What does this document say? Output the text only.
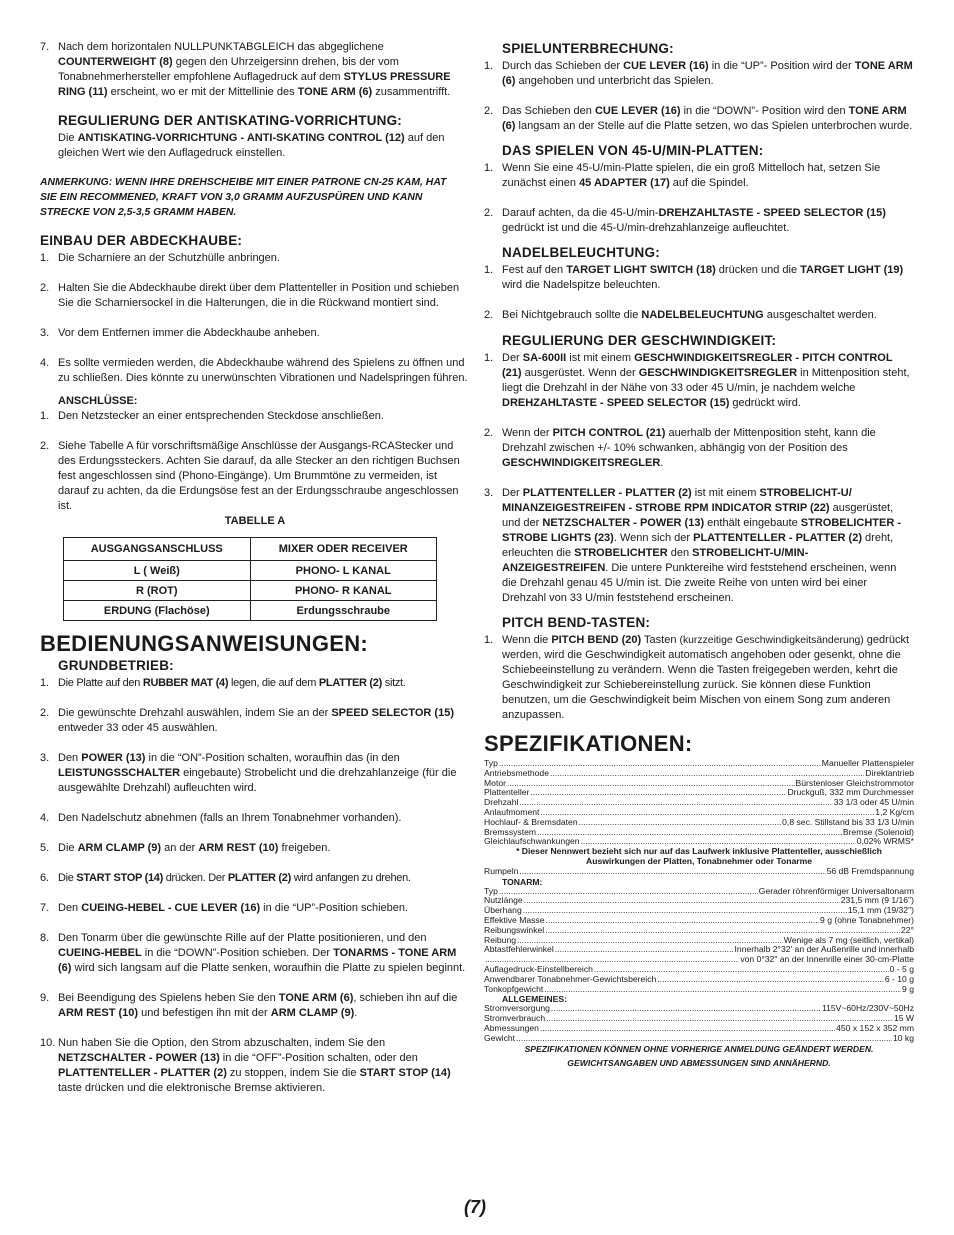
7. Nach dem horizontalen NULLPUNKTABGLEICH das abgeglichene COUNTERWEIGHT (8) gegen den Uhrzeigersinn drehen, bis der vom Tonabnehmerhersteller empfohlene Auflagedruck auf dem STYLUS PRESSURE RING (11) erscheint, wo er mit der Mittellinie des TONE ARM (6) zusammentrifft.
REGULIERUNG DER ANTISKATING-VORRICHTUNG:

Die ANTISKATING-VORRICHTUNG - ANTI-SKATING CONTROL (12) auf den gleichen Wert wie den Auflagedruck einstellen.

ANMERKUNG: WENN IHRE DREHSCHEIBE MIT EINER PATRONE CN-25 KAM, HAT SIE EIN RECOMMENED, KRAFT VON 3,0 GRAMM AUFZUSPÜREN UND KANN STRECKE VON 2,5-3,5 GRAMM HABEN.
EINBAU DER ABDECKHAUBE:
1. Die Scharniere an der Schutzhülle anbringen.
2. Halten Sie die Abdeckhaube direkt über dem Plattenteller in Position und schieben Sie die Scharniersockel in die Halterungen, die in die Rückwand montiert sind.
3. Vor dem Entfernen immer die Abdeckhaube anheben.
4. Es sollte vermieden werden, die Abdeckhaube während des Spielens zu öffnen und zu schließen. Dies könnte zu unerwünschten Vibrationen und Nadelspringen führen.

ANSCHLÜSSE:

1. Den Netzstecker an einer entsprechenden Steckdose anschließen.
2. Siehe Tabelle A für vorschriftsmäßige Anschlüsse der Ausgangs-RCAStecker und des Erdungssteckers. Achten Sie darauf, da alle Stecker an den richtigen Buchsen fest angeschlossen sind (Phono-Eingänge). Um Brummtöne zu vermeiden, ist darauf zu achten, da die Erdungsöse fest an der Erdungsschraube angeschlossen ist.

TABELLE A

AUSGANGSANSCHLUSS	MIXER ODER RECEIVER
L ( Weiß)	PHONO- L KANAL
R (ROT)	PHONO- R KANAL
ERDUNG (Flachöse)	Erdungsschraube
BEDIENUNGSANWEISUNGEN:
GRUNDBETRIEB:
1. Die Platte auf den RUBBER MAT (4) legen, die auf dem PLATTER (2) sitzt.
2. Die gewünschte Drehzahl auswählen, indem Sie an der SPEED SELECTOR (15) entweder 33 oder 45 auswählen.
3. Den POWER (13) in die “ON”-Position schalten, woraufhin das (in den LEISTUNGSSCHALTER eingebaute) Strobelicht und die drehzahlanzeige (für die ausgewählte Drehzahl) aufleuchten wird.
4. Den Nadelschutz abnehmen (falls an Ihrem Tonabnehmer vorhanden).
5. Die ARM CLAMP (9) an der ARM REST (10) freigeben.
6. Die START STOP (14) drücken. Der PLATTER (2) wird anfangen zu drehen.
7. Den CUEING-HEBEL - CUE LEVER (16) in die “UP”-Position schieben.
8. Den Tonarm über die gewünschte Rille auf der Platte positionieren, und den CUEING-HEBEL in die “DOWN”-Position schieben. Der TONARMS - TONE ARM (6) wird sich langsam auf die Platte senken, woraufhin die Platte zu spielen beginnt.
9. Bei Beendigung des Spielens heben Sie den TONE ARM (6), schieben ihn auf die ARM REST (10) und befestigen ihn mit der ARM CLAMP (9).
10. Nun haben Sie die Option, den Strom abzuschalten, indem Sie den NETZSCHALTER - POWER (13) in die “OFF”-Position schalten, oder den PLATTENTELLER - PLATTER (2) zu stoppen, indem Sie die START STOP (14) taste drücken und die elektronische Bremse aktivieren.
SPIELUNTERBRECHUNG:
1. Durch das Schieben der CUE LEVER (16) in die “UP”- Position wird der TONE ARM (6) angehoben und unterbricht das Spielen.
2. Das Schieben den CUE LEVER (16) in die “DOWN”- Position wird den TONE ARM (6) langsam an der Stelle auf die Platte setzen, wo das Spielen unterbrochen wurde.
DAS SPIELEN VON 45-U/MIN-PLATTEN:
1. Wenn Sie eine 45-U/min-Platte spielen, die ein groß Mittelloch hat, setzen Sie zunächst einen 45 ADAPTER (17) auf die Spindel.
2. Darauf achten, da die 45-U/min-DREHZAHLTASTE - SPEED SELECTOR (15) gedrückt ist und die 45-U/min-drehzahlanzeige aufleuchtet.
NADELBELEUCHTUNG:
1. Fest auf den TARGET LIGHT SWITCH (18) drücken und die TARGET LIGHT (19) wird die Nadelspitze beleuchten.
2. Bei Nichtgebrauch sollte die NADELBELEUCHTUNG ausgeschaltet werden.
REGULIERUNG DER GESCHWINDIGKEIT:
1. Der SA-600II ist mit einem GESCHWINDIGKEITSREGLER - PITCH CONTROL (21) ausgerüstet. Wenn der GESCHWINDIGKEITSREGLER in Mittenposition steht, liegt die Drehzahl in der Nähe von 33 oder 45 U/min, je nachdem welche DREHZAHLTASTE - SPEED SELECTOR (15) gedrückt wird.
2. Wenn der PITCH CONTROL (21) auerhalb der Mittenposition steht, kann die Drehzahl zwischen +/- 10% schwanken, abhängig von der Position des GESCHWINDIGKEITSREGLER.
3. Der PLATTENTELLER - PLATTER (2) ist mit einem STROBELICHT-U/ MINANZEIGESTREIFEN - STROBE RPM INDICATOR STRIP (22) ausgerüstet, und der NETZSCHALTER - POWER (13) enthält eingebaute STROBELICHTER - STROBE LIGHTS (23). Wenn sich der PLATTENTELLER - PLATTER (2) dreht, erleuchten die STROBELICHTER den STROBELICHT-U/MIN-ANZEIGESTREIFEN. Die untere Punktereihe wird feststehend erscheinen, wenn die Drehzahl genau 45 U/min ist. Die zweite Reihe von unten wird bei einer Drehzahl von 33 U/min feststehend erscheinen.
PITCH BEND-TASTEN:
1. Wenn die PITCH BEND (20) Tasten (kurzzeitige Geschwindigkeitsänderung) gedrückt werden, wird die Geschwindigkeit automatisch angehoben oder gesenkt, ohne die Schiebeeinstellung zu verändern. Wenn die Tasten freigegeben werden, kehrt die Geschwindigkeit zur Schiebereinstellung zurück. Sie können diese Funktion benutzen, um die Geschwindigkeit beim Mischen von einem Song zum anderen anzupassen.
SPEZIFIKATIONEN:
Typ .....	Manueller Plattenspieler
Antriebsmethode .....	Direktantrieb
Motor .....	Bürstenloser Gleichstrommotor
Plattenteller .....	Druckguß, 332 mm Durchmesser
Drehzahl .....	33 1/3 oder 45 U/min
Anlaufmoment .....	1,2 Kg/cm
Hochlauf- & Bremsdaten .....	0,8 sec. Stillstand bis 33 1/3 U/min
Bremssystem .....	Bremse (Solenoid)
Gleichlaufschwankungen .....	0,02% WRMS*
* Dieser Nennwert bezieht sich nur auf das Laufwerk inklusive Plattenteller, ausschießlich Auswirkungen der Platten, Tonabnehmer oder Tonarme
Rumpeln .....	56 dB Fremdspannung
TONARM:
Typ .....	Gerader röhrenförmiger Universaltonarm
Nutzlänge .....	231,5 mm (9 1/16")
Überhang .....	15,1 mm (19/32")
Effektive Masse .....	9 g (ohne Tonabnehmer)
Reibungswinkel .....	22°
Reibung .....	Wenige als 7 mg (seitlich, vertikal)
Abtastfehlerwinkel .....	Innerhalb 2°32' an der Außenrille und innerhalb
.....
von 0°32" an der Innenrille einer 30-cm-Platte
Auflagedruck-Einstellbereich .....	0 - 5 g
Anwendbarer Tonabnehmer-Gewichtsbereich .....	6 - 10 g
Tonkopfgewicht .....	9 g
ALLGEMEINES:
Stromversorgung .....	115V~60Hz/230V~50Hz
Stromverbrauch .....	15 W
Abmessungen .....	450 x 152 x 352 mm
Gewicht .....	10 kg
SPEZIFIKATIONEN KÖNNEN OHNE VORHERIGE ANMELDUNG GEÄNDERT WERDEN.
GEWICHTSANGABEN UND ABMESSUNGEN SIND ANNÄHERND.
(7)
